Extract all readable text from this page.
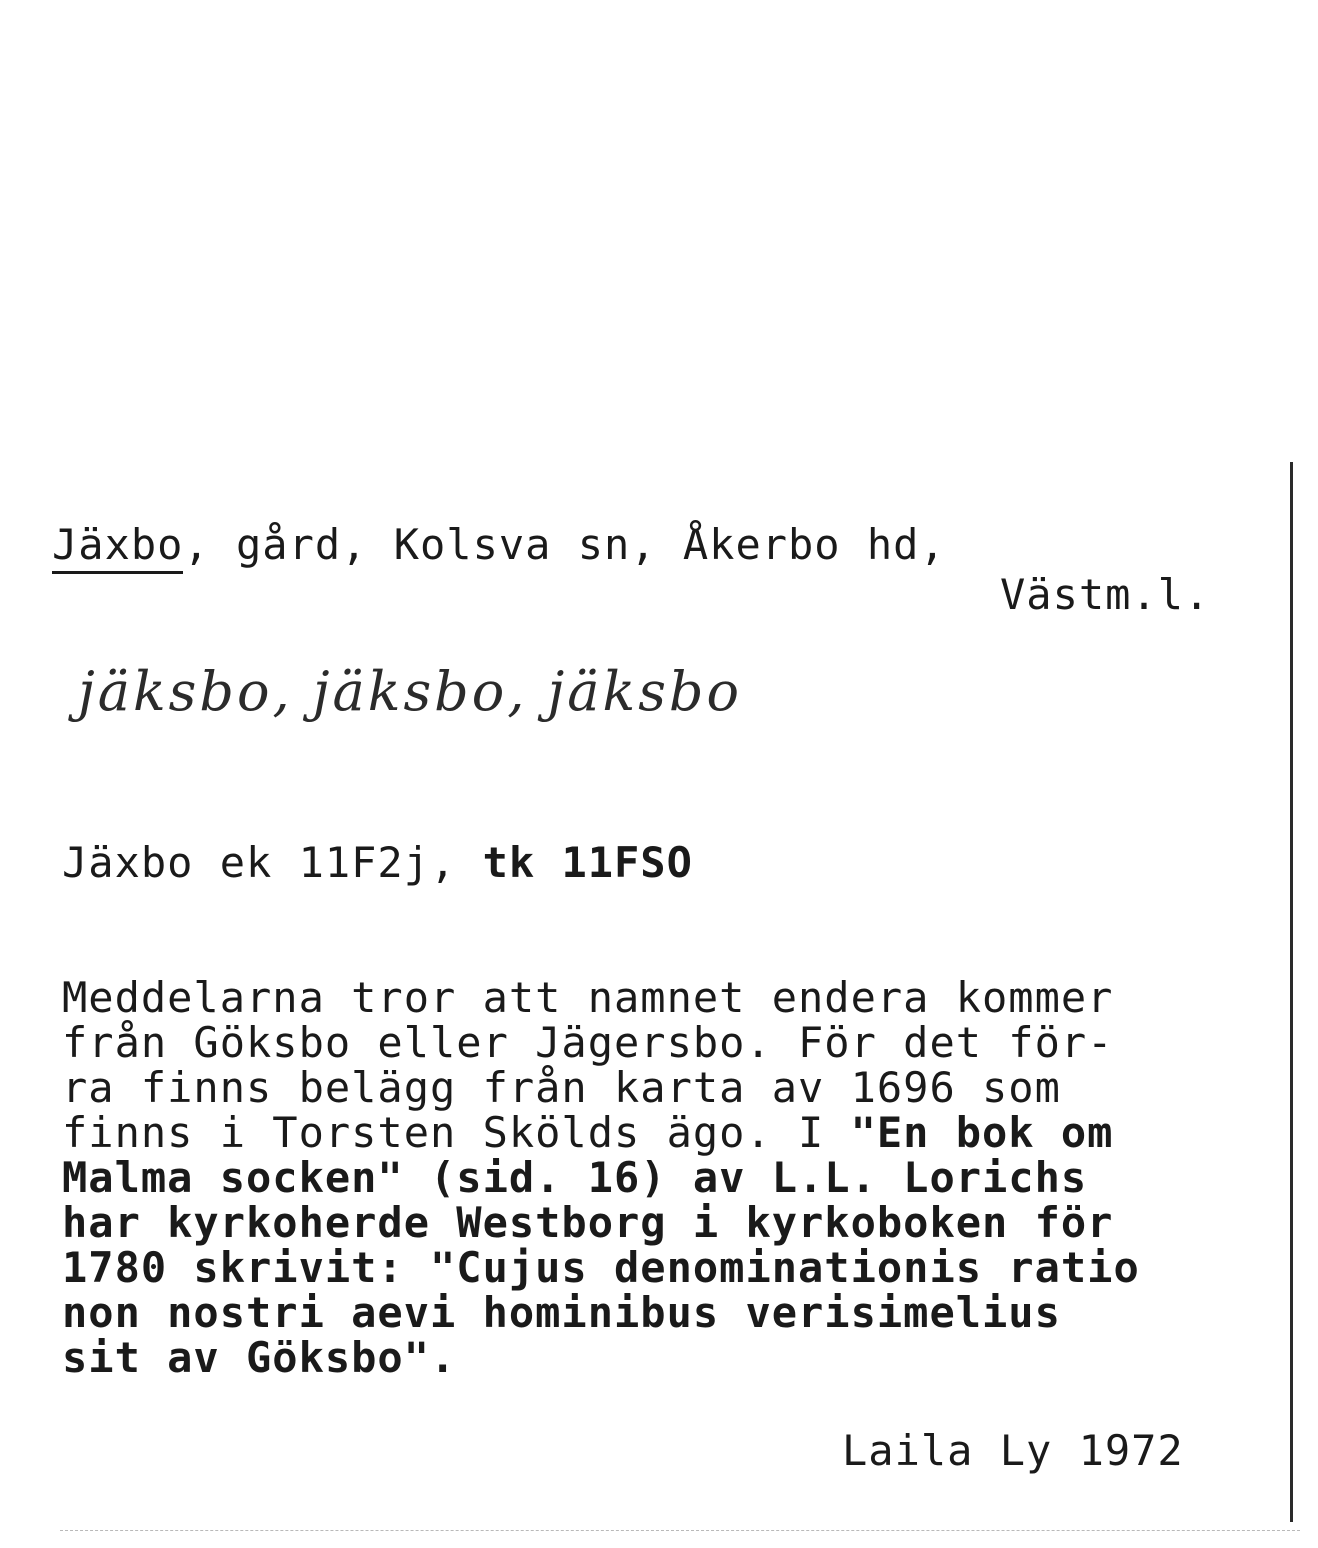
Jäxbo, gård, Kolsva sn, Åkerbo hd,
Västm.l.
jäksbo, jäksbo, jäksbo
Jäxbo ek 11F2j, tk 11FSO
Meddelarna tror att namnet endera kommer
från Göksbo eller Jägersbo. För det för-
ra finns belägg från karta av 1696 som
finns i Torsten Skölds ägo. I "En bok om
Malma socken" (sid. 16) av L.L. Lorichs
har kyrkoherde Westborg i kyrkoboken för
1780 skrivit: "Cujus denominationis ratio
non nostri aevi hominibus verisimelius
sit av Göksbo".
Laila Ly 1972
